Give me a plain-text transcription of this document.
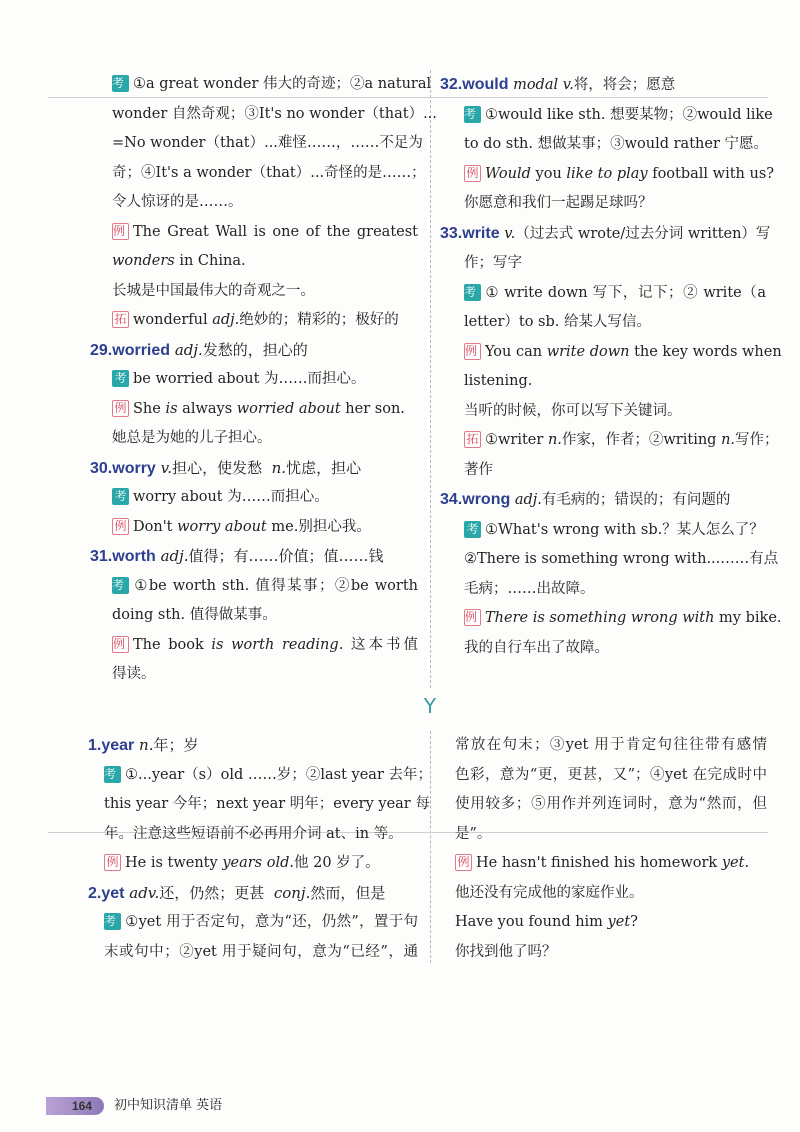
考 ①a great wonder 伟大的奇迹；②a natural
wonder 自然奇观；③It's no wonder（that）...
=No wonder（that）...难怪……，……不足为
奇；④It's a wonder（that）...奇怪的是……；
令人惊讶的是……。
例 The Great Wall is one of the greatest
wonders in China.
长城是中国最伟大的奇观之一。
拓 wonderful adj.绝妙的；精彩的；极好的
29.worried adj.发愁的，担心的
考 be worried about 为……而担心。
例 She is always worried about her son.
她总是为她的儿子担心。
30.worry v.担心，使发愁 n.忧虑，担心
考 worry about 为……而担心。
例 Don't worry about me.别担心我。
31.worth adj.值得；有……价值；值……钱
考 ①be worth sth. 值得某事；②be worth
doing sth. 值得做某事。
例 The book is worth reading. 这本书值
得读。
32.would modal v.将，将会；愿意
考 ①would like sth. 想要某物；②would like
to do sth. 想做某事；③would rather 宁愿。
例 Would you like to play football with us?
你愿意和我们一起踢足球吗？
33.write v.（过去式 wrote/过去分词 written）写
作；写字
考 ① write down 写下，记下；② write（a
letter）to sb. 给某人写信。
例 You can write down the key words when
listening.
当听的时候，你可以写下关键词。
拓 ①writer n.作家，作者；②writing n.写作；
著作
34.wrong adj.有毛病的；错误的；有问题的
考 ①What's wrong with sb.？某人怎么了？
②There is something wrong with...……有点
毛病；……出故障。
例 There is something wrong with my bike.
我的自行车出了故障。
Y
1.year n.年；岁
考 ①...year（s）old ……岁；②last year 去年；
this year 今年；next year 明年；every year 每
年。注意这些短语前不必再用介词 at、in 等。
例 He is twenty years old.他 20 岁了。
2.yet adv.还，仍然；更甚 conj.然而，但是
考 ①yet 用于否定句，意为“还，仍然”，置于句
末或句中；②yet 用于疑问句，意为“已经”，通
常放在句末；③yet 用于肯定句往往带有感情
色彩，意为“更，更甚，又”；④yet 在完成时中
使用较多；⑤用作并列连词时，意为“然而，但
是”。
例 He hasn't finished his homework yet.
他还没有完成他的家庭作业。
Have you found him yet?
你找到他了吗？
164 初中知识清单 英语
